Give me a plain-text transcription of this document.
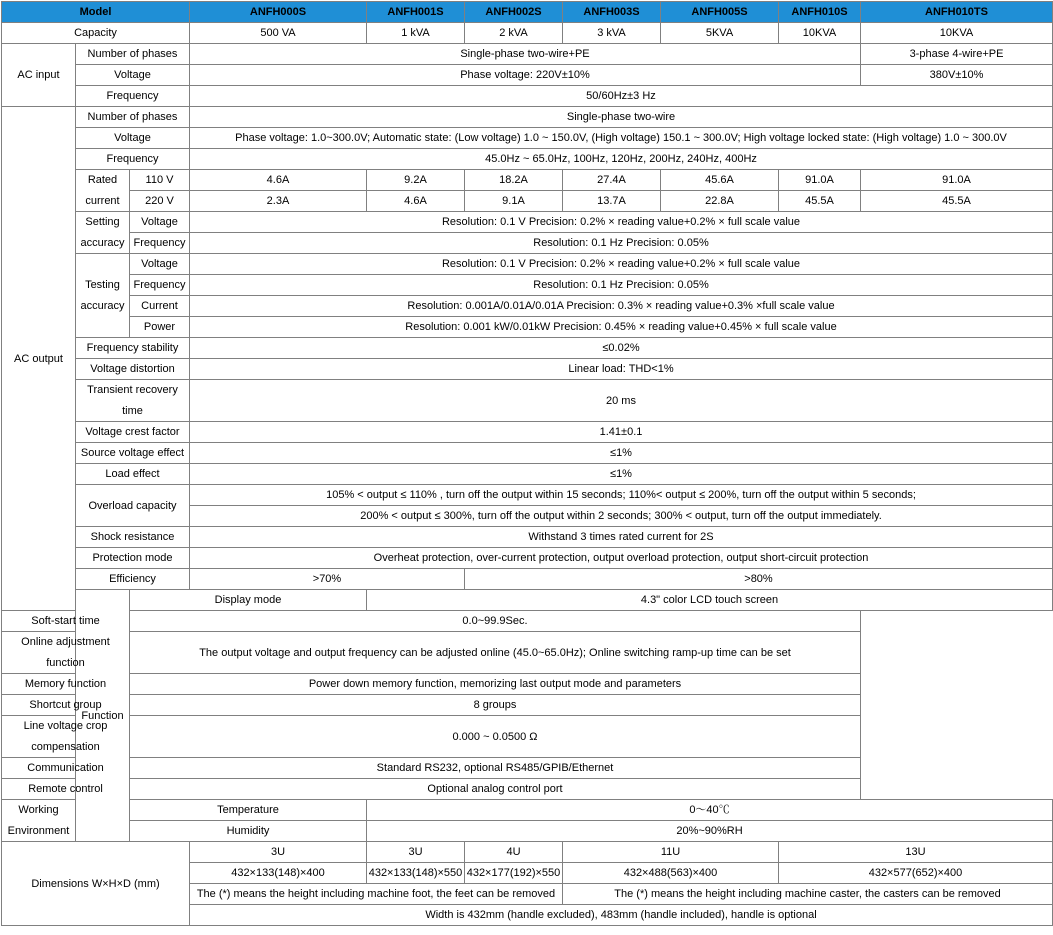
Model			ANFH000S	ANFH001S	ANFH002S	ANFH003S	ANFH005S	ANFH010S	ANFH010TS
Capacity			500 VA	1 kVA	2 kVA	3 kVA	5KVA	10KVA	10KVA
AC input	Number of phases		Single-phase two-wire+PE						3-phase 4-wire+PE
	Voltage		Phase voltage: 220V±10%						380V±10%
	Frequency		50/60Hz±3 Hz						
AC output	Number of phases		Single-phase two-wire						
	Voltage		Phase voltage: 1.0~300.0V; Automatic state: (Low voltage) 1.0 ~ 150.0V, (High voltage) 150.1 ~ 300.0V; High voltage locked state: (High voltage) 1.0 ~ 300.0V						
	Frequency		45.0Hz ~ 65.0Hz, 100Hz, 120Hz, 200Hz, 240Hz, 400Hz						
	Rated current	110 V	4.6A	9.2A	18.2A	27.4A	45.6A	91.0A	91.0A
		220 V	2.3A	4.6A	9.1A	13.7A	22.8A	45.5A	45.5A
	Setting accuracy	Voltage	Resolution: 0.1 V Precision: 0.2% × reading value+0.2% × full scale value						
		Frequency	Resolution: 0.1 Hz Precision: 0.05%						
	Testing accuracy	Voltage	Resolution: 0.1 V Precision: 0.2% × reading value+0.2% × full scale value						
		Frequency	Resolution: 0.1 Hz Precision: 0.05%						
		Current	Resolution: 0.001A/0.01A/0.01A Precision: 0.3% × reading value+0.3% ×full scale value						
		Power	Resolution: 0.001 kW/0.01kW Precision: 0.45% × reading value+0.45% × full scale value						
	Frequency stability		≤0.02%						
	Voltage distortion		Linear load: THD<1%						
	Transient recovery time		20 ms						
	Voltage crest factor		1.41±0.1						
	Source voltage effect		≤1%						
	Load effect		≤1%						
	Overload capacity		105% < output ≤ 110% , turn off the output within 15 seconds; 110%< output ≤ 200%, turn off the output within 5 seconds;						
			200% < output ≤ 300%, turn off the output within 2 seconds; 300% < output, turn off the output immediately.						
	Shock resistance		Withstand 3 times rated current for 2S						
	Protection mode		Overheat protection, over-current protection, output overload protection, output short-circuit protection						
	Efficiency		>70%		>80%				
	Function	Display mode		4.3" color LCD touch screen					
Soft-start time		0.0~99.9Sec.							
Online adjustment function		The output voltage and output frequency can be adjusted online (45.0~65.0Hz); Online switching ramp-up time can be set							
Memory function		Power down memory function, memorizing last output mode and parameters							
Shortcut group		8 groups							
Line voltage crop compensation		0.000 ~ 0.0500 Ω							
Communication		Standard RS232, optional RS485/GPIB/Ethernet							
Remote control		Optional analog control port							
Working Environment		Temperature		0～40℃					
		Humidity		20%~90%RH					
Dimensions W×H×D (mm)			3U	3U	4U	11U		13U	
			432×133(148)×400	432×133(148)×550	432×177(192)×550	432×488(563)×400		432×577(652)×400	
			The (*) means the height including machine foot, the feet can be removed			The (*) means the height including machine caster, the casters can be removed			
			Width is 432mm (handle excluded), 483mm (handle included), handle is optional						
